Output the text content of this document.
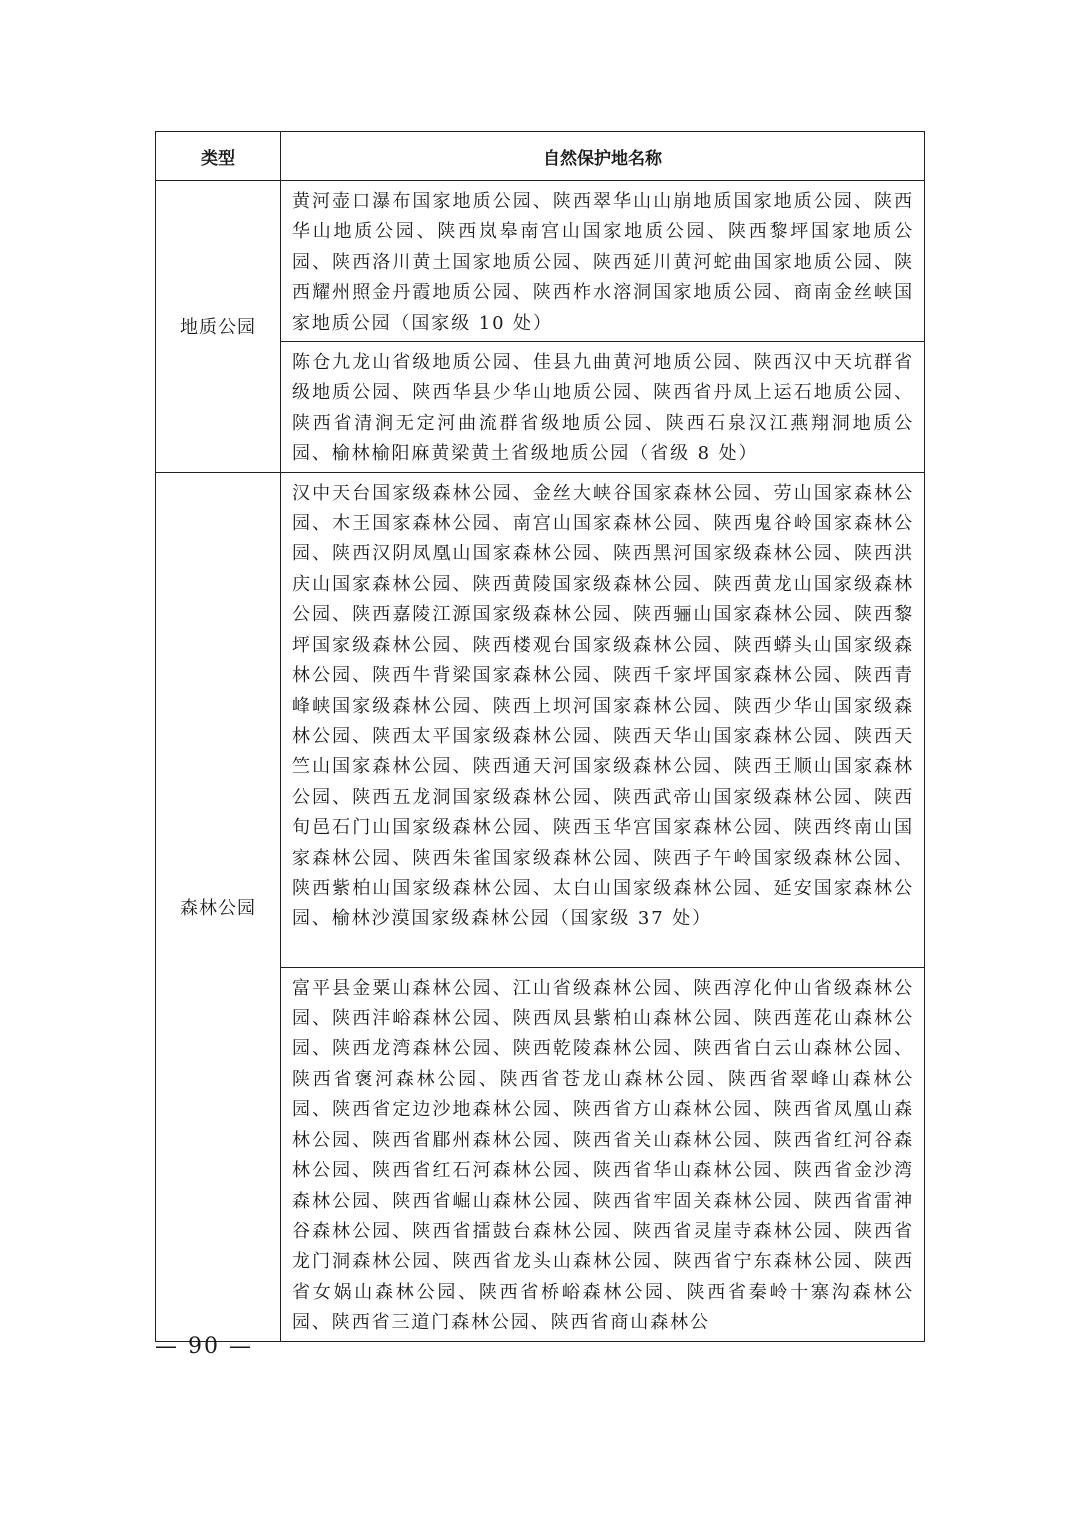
类型	自然保护地名称
地质公园	黄河壶口瀑布国家地质公园、陕西翠华山山崩地质国家地质公园、陕西华山地质公园、陕西岚皋南宫山国家地质公园、陕西黎坪国家地质公园、陕西洛川黄土国家地质公园、陕西延川黄河蛇曲国家地质公园、陕西耀州照金丹霞地质公园、陕西柞水溶洞国家地质公园、商南金丝峡国家地质公园（国家级 10 处）
	陈仓九龙山省级地质公园、佳县九曲黄河地质公园、陕西汉中天坑群省级地质公园、陕西华县少华山地质公园、陕西省丹凤上运石地质公园、陕西省清涧无定河曲流群省级地质公园、陕西石泉汉江燕翔洞地质公园、榆林榆阳麻黄梁黄土省级地质公园（省级 8 处）
森林公园	汉中天台国家级森林公园、金丝大峡谷国家森林公园、劳山国家森林公园、木王国家森林公园、南宫山国家森林公园、陕西鬼谷岭国家森林公园、陕西汉阴凤凰山国家森林公园、陕西黑河国家级森林公园、陕西洪庆山国家森林公园、陕西黄陵国家级森林公园、陕西黄龙山国家级森林公园、陕西嘉陵江源国家级森林公园、陕西骊山国家森林公园、陕西黎坪国家级森林公园、陕西楼观台国家级森林公园、陕西蟒头山国家级森林公园、陕西牛背梁国家森林公园、陕西千家坪国家森林公园、陕西青峰峡国家级森林公园、陕西上坝河国家森林公园、陕西少华山国家级森林公园、陕西太平国家级森林公园、陕西天华山国家森林公园、陕西天竺山国家森林公园、陕西通天河国家级森林公园、陕西王顺山国家森林公园、陕西五龙洞国家级森林公园、陕西武帝山国家级森林公园、陕西旬邑石门山国家级森林公园、陕西玉华宫国家森林公园、陕西终南山国家森林公园、陕西朱雀国家级森林公园、陕西子午岭国家级森林公园、陕西紫柏山国家级森林公园、太白山国家级森林公园、延安国家森林公园、榆林沙漠国家级森林公园（国家级 37 处）
	富平县金粟山森林公园、江山省级森林公园、陕西淳化仲山省级森林公园、陕西沣峪森林公园、陕西凤县紫柏山森林公园、陕西莲花山森林公园、陕西龙湾森林公园、陕西乾陵森林公园、陕西省白云山森林公园、陕西省褒河森林公园、陕西省苍龙山森林公园、陕西省翠峰山森林公园、陕西省定边沙地森林公园、陕西省方山森林公园、陕西省凤凰山森林公园、陕西省郿州森林公园、陕西省关山森林公园、陕西省红河谷森林公园、陕西省红石河森林公园、陕西省华山森林公园、陕西省金沙湾森林公园、陕西省崛山森林公园、陕西省牢固关森林公园、陕西省雷神谷森林公园、陕西省擂鼓台森林公园、陕西省灵崖寺森林公园、陕西省龙门洞森林公园、陕西省龙头山森林公园、陕西省宁东森林公园、陕西省女娲山森林公园、陕西省桥峪森林公园、陕西省秦岭十寨沟森林公园、陕西省三道门森林公园、陕西省商山森林公
— 90 —
